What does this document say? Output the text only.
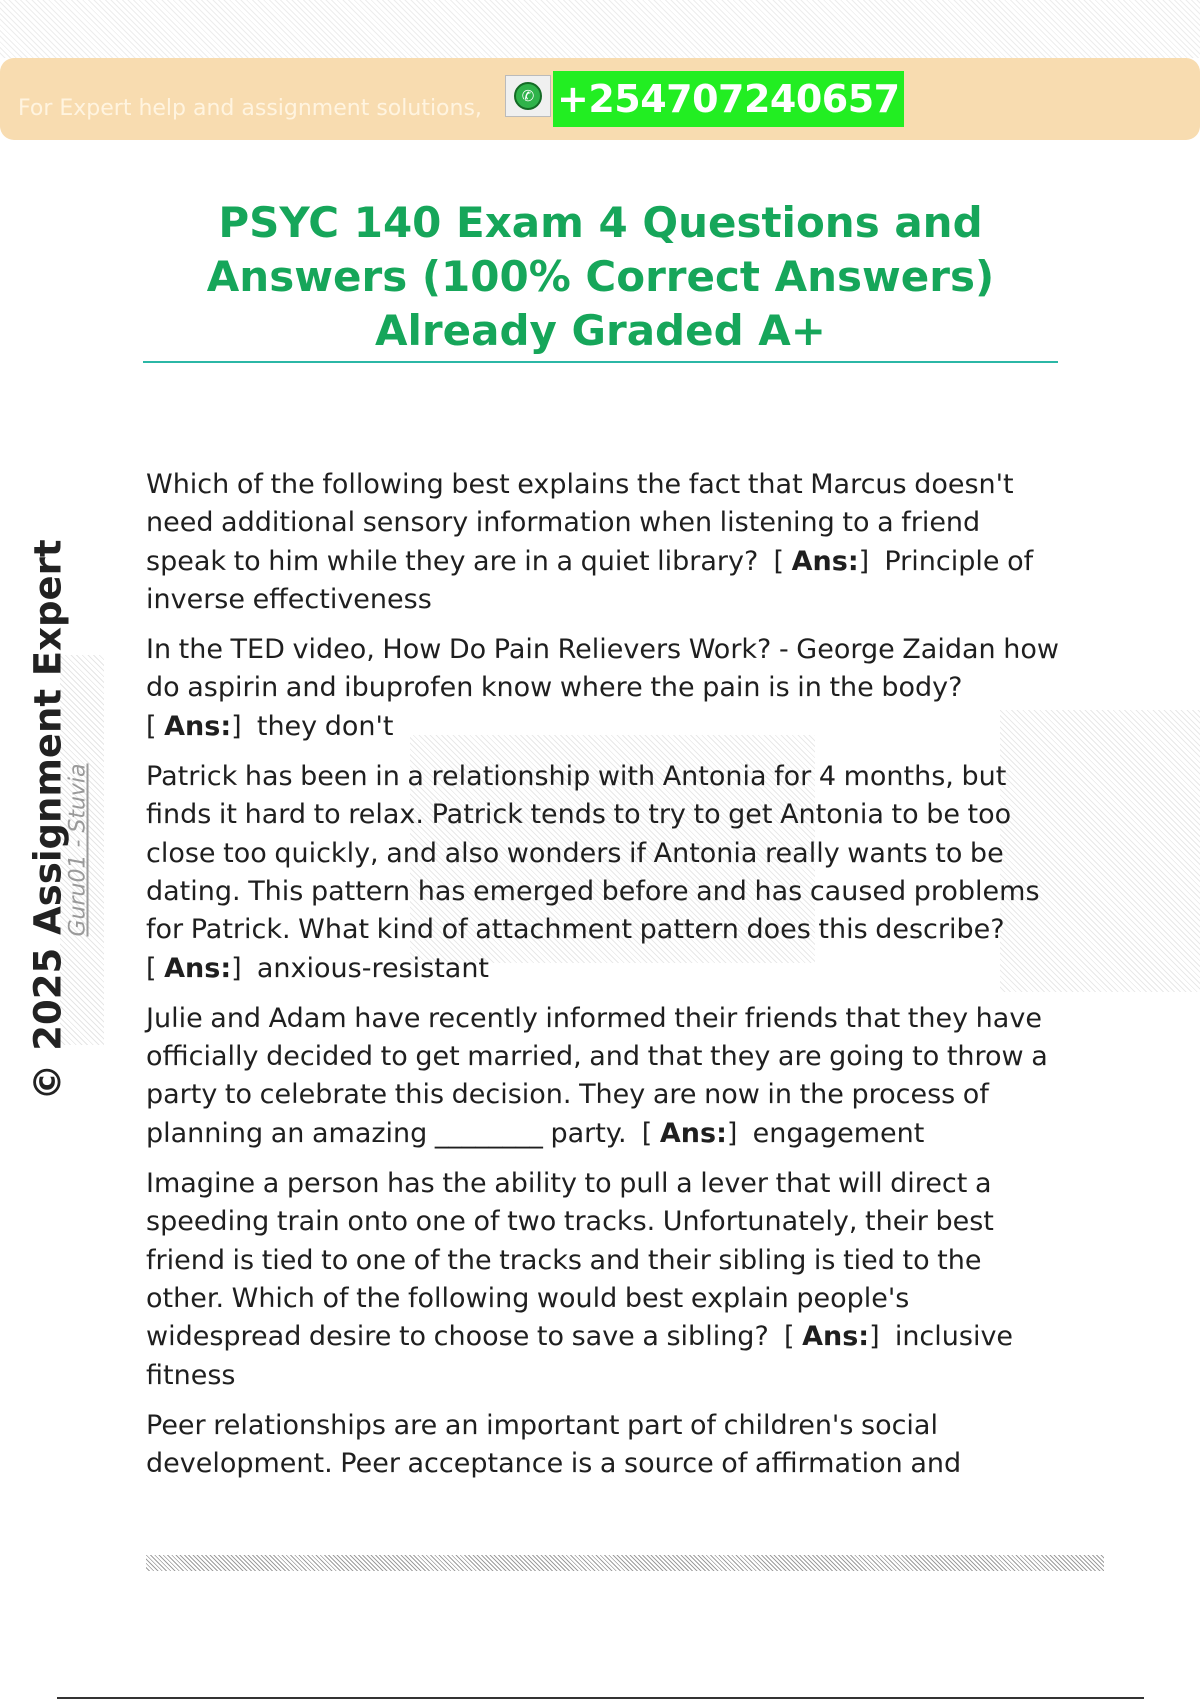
For Expert help and assignment solutions,
✆ +254707240657
PSYC 140 Exam 4 Questions and Answers (100% Correct Answers) Already Graded A+
© 2025 Assignment Expert
Guru01 - Stuvia

Which of the following best explains the fact that Marcus doesn't need additional sensory information when listening to a friend speak to him while they are in a quiet library? [ Ans:] Principle of inverse effectiveness

In the TED video, How Do Pain Relievers Work? - George Zaidan how do aspirin and ibuprofen know where the pain is in the body?  [ Ans:] they don't

Patrick has been in a relationship with Antonia for 4 months, but finds it hard to relax. Patrick tends to try to get Antonia to be too close too quickly, and also wonders if Antonia really wants to be dating. This pattern has emerged before and has caused problems for Patrick. What kind of attachment pattern does this describe?  [ Ans:] anxious-resistant

Julie and Adam have recently informed their friends that they have officially decided to get married, and that they are going to throw a party to celebrate this decision. They are now in the process of planning an amazing ________ party. [ Ans:] engagement

Imagine a person has the ability to pull a lever that will direct a speeding train onto one of two tracks. Unfortunately, their best friend is tied to one of the tracks and their sibling is tied to the other. Which of the following would best explain people's widespread desire to choose to save a sibling? [ Ans:] inclusive fitness

Peer relationships are an important part of children's social development. Peer acceptance is a source of affirmation and
